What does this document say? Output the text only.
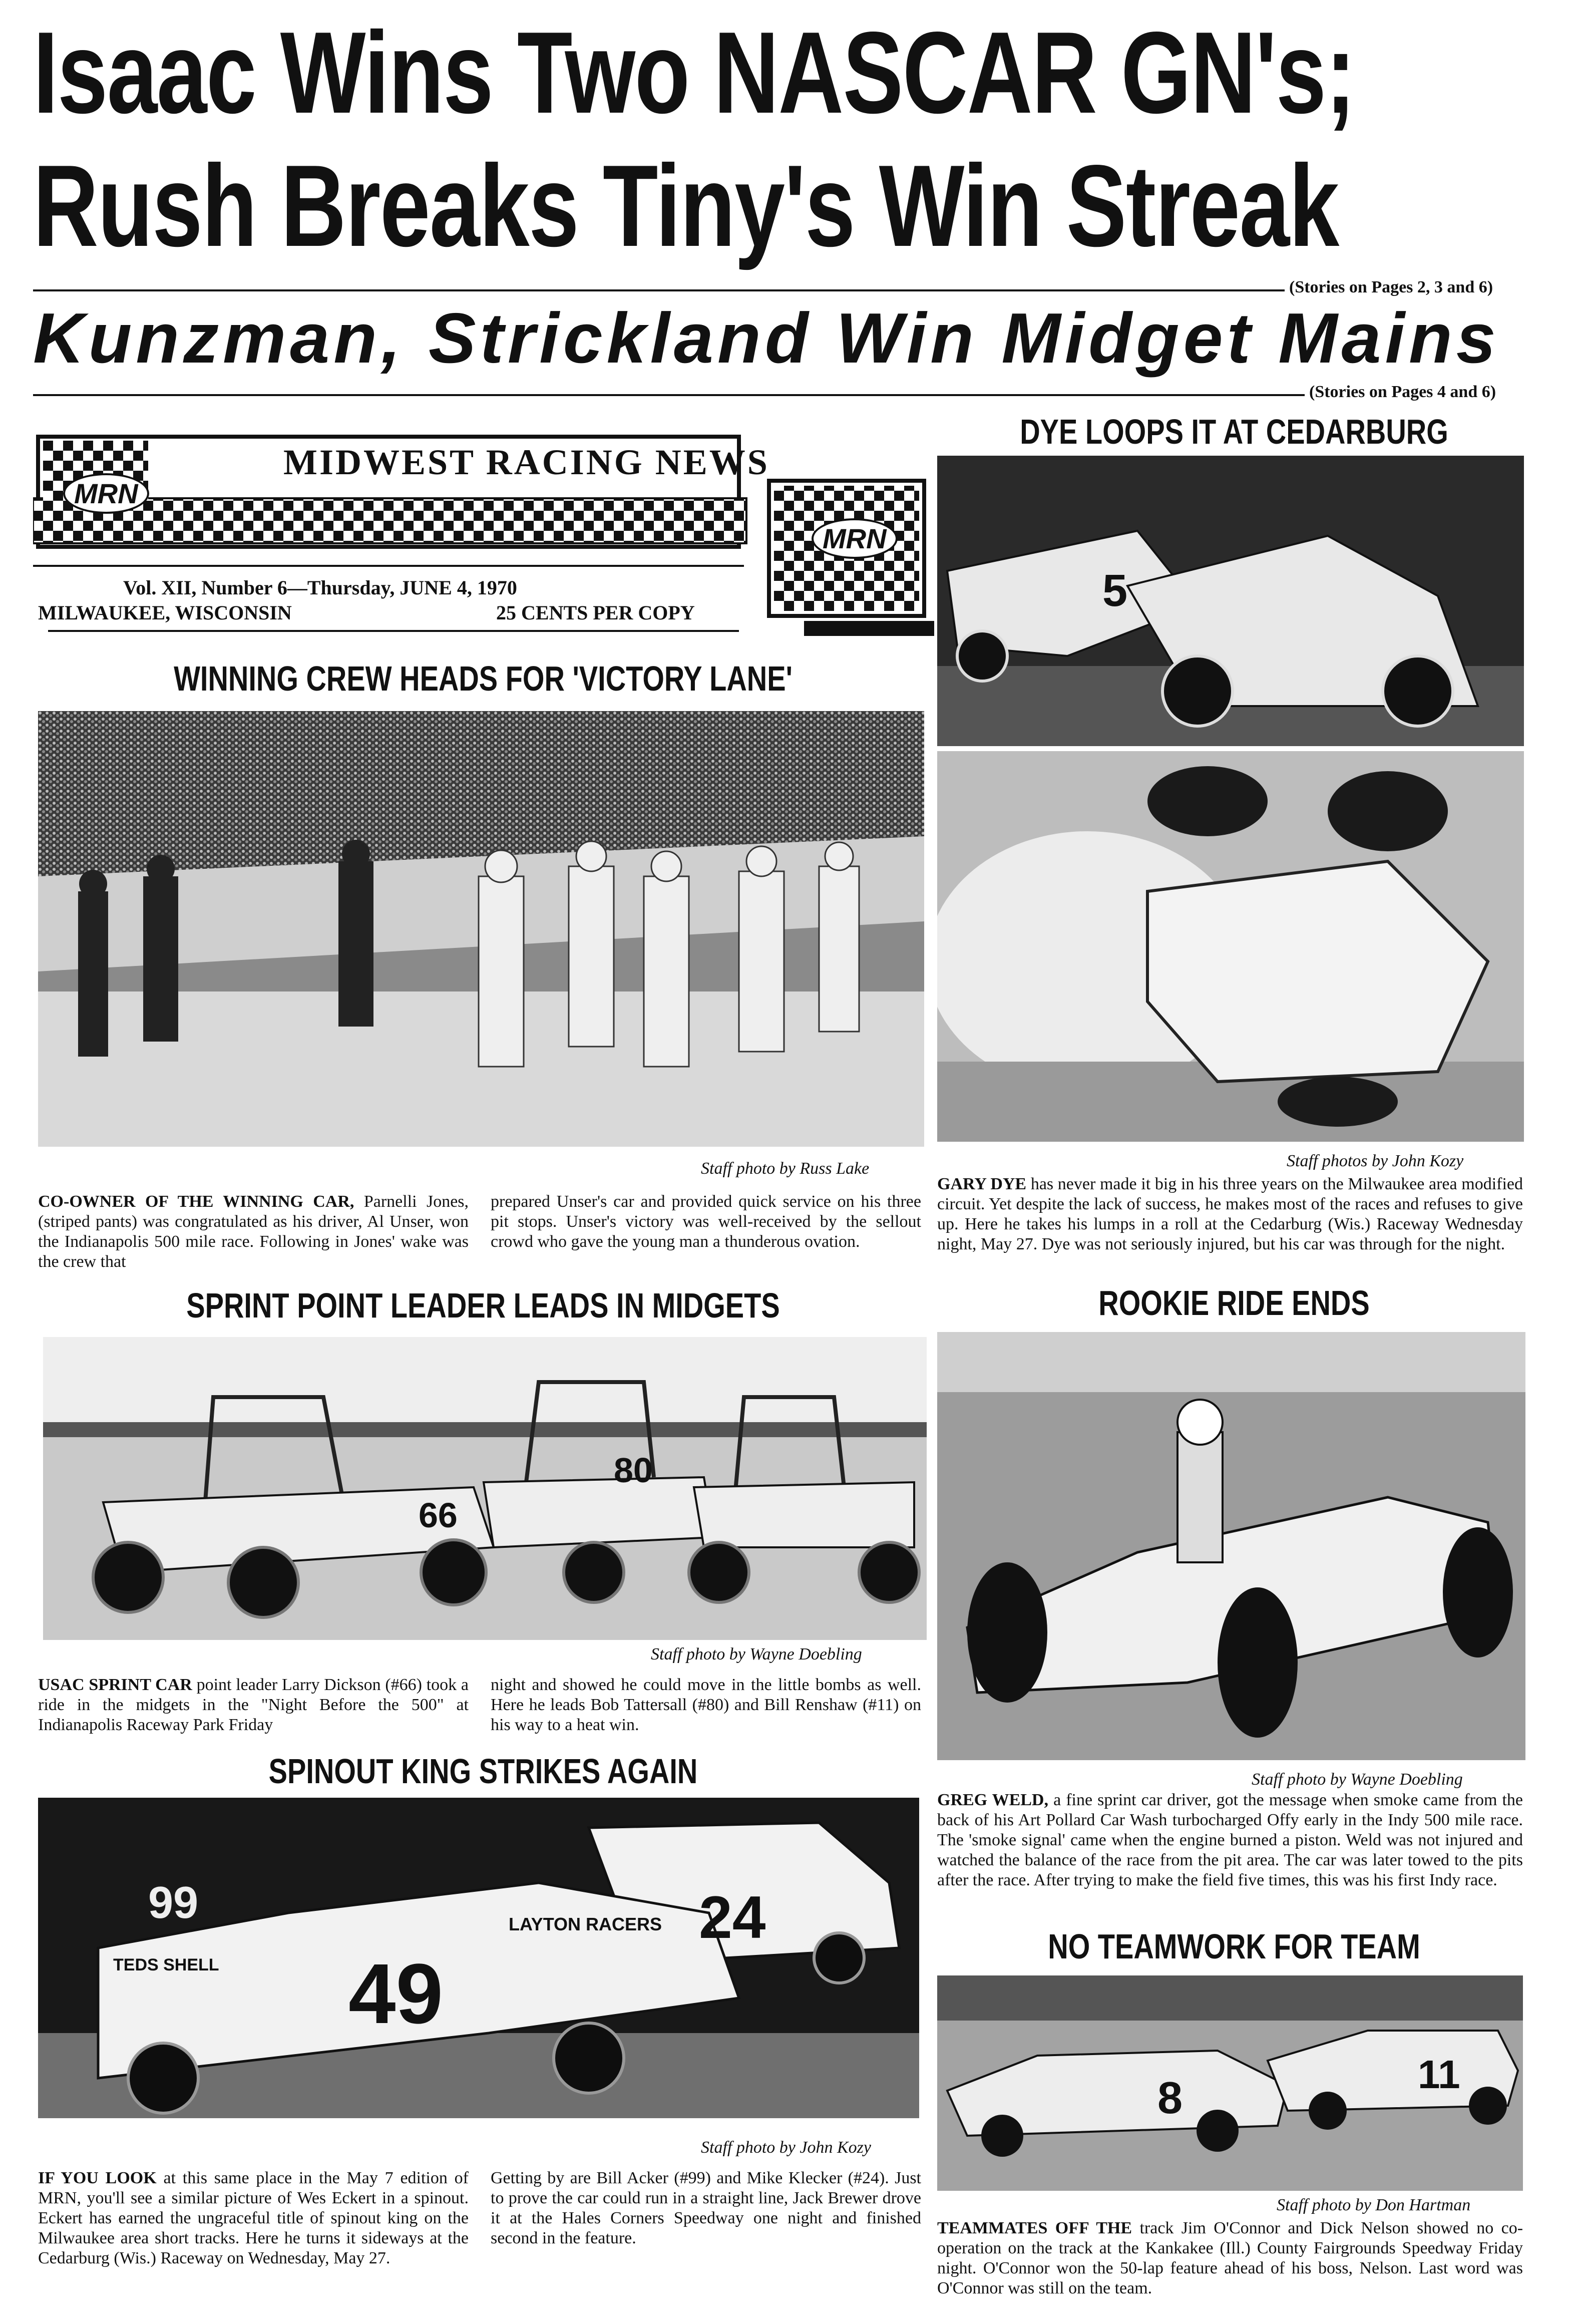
Isaac Wins Two NASCAR GN's;
Rush Breaks Tiny's Win Streak
(Stories on Pages 2, 3 and 6)
Kunzman, Strickland Win Midget Mains
(Stories on Pages 4 and 6)
MRN
MRN
MIDWEST RACING NEWS
Vol. XII, Number 6—Thursday, JUNE 4, 1970
MILWAUKEE, WISCONSIN	25 CENTS PER COPY
WINNING CREW HEADS FOR 'VICTORY LANE'
Staff photo by Russ Lake
CO-OWNER OF THE WINNING CAR, Parnelli Jones, (striped pants) was congratulated as his driver, Al Unser, won the Indianapolis 500 mile race. Following in Jones' wake was the crew that
prepared Unser's car and provided quick service on his three pit stops. Unser's victory was well-received by the sellout crowd who gave the young man a thunderous ovation.
DYE LOOPS IT AT CEDARBURG
5
Staff photos by John Kozy
GARY DYE has never made it big in his three years on the Milwaukee area modified circuit. Yet despite the lack of success, he makes most of the races and refuses to give up. Here he takes his lumps in a roll at the Cedarburg (Wis.) Raceway Wednesday night, May 27. Dye was not seriously injured, but his car was through for the night.
SPRINT POINT LEADER LEADS IN MIDGETS
66
80
Staff photo by Wayne Doebling
USAC SPRINT CAR point leader Larry Dickson (#66) took a ride in the midgets in the "Night Before the 500" at Indianapolis Raceway Park Friday
night and showed he could move in the little bombs as well. Here he leads Bob Tattersall (#80) and Bill Renshaw (#11) on his way to a heat win.
ROOKIE RIDE ENDS
Staff photo by Wayne Doebling
GREG WELD, a fine sprint car driver, got the message when smoke came from the back of his Art Pollard Car Wash turbocharged Offy early in the Indy 500 mile race. The 'smoke signal' came when the engine burned a piston. Weld was not injured and watched the balance of the race from the pit area. The car was later towed to the pits after the race. After trying to make the field five times, this was his first Indy race.
SPINOUT KING STRIKES AGAIN
49
99	24
LAYTON RACERS
TEDS SHELL
Staff photo by John Kozy
IF YOU LOOK at this same place in the May 7 edition of MRN, you'll see a similar picture of Wes Eckert in a spinout. Eckert has earned the ungraceful title of spinout king on the Milwaukee area short tracks. Here he turns it sideways at the Cedarburg (Wis.) Raceway on Wednesday, May 27.
Getting by are Bill Acker (#99) and Mike Klecker (#24). Just to prove the car could run in a straight line, Jack Brewer drove it at the Hales Corners Speedway one night and finished second in the feature.
NO TEAMWORK FOR TEAM
8	11
Staff photo by Don Hartman
TEAMMATES OFF THE track Jim O'Connor and Dick Nelson showed no co-operation on the track at the Kankakee (Ill.) County Fairgrounds Speedway Friday night. O'Connor won the 50-lap feature ahead of his boss, Nelson. Last word was O'Connor was still on the team.
